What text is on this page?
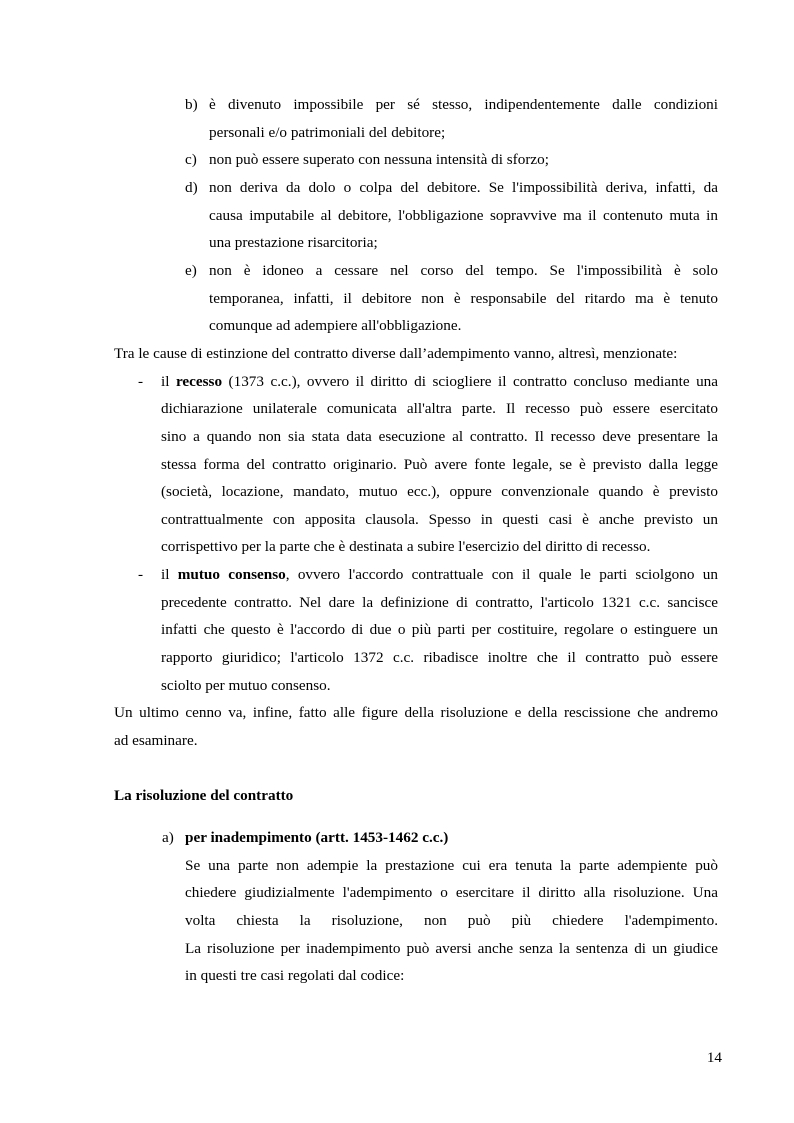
b) è divenuto impossibile per sé stesso, indipendentemente dalle condizioni
personali e/o patrimoniali del debitore;
c) non può essere superato con nessuna intensità di sforzo;
d) non deriva da dolo o colpa del debitore. Se l'impossibilità deriva, infatti, da
causa imputabile al debitore, l'obbligazione sopravvive ma il contenuto muta in
una prestazione risarcitoria;
e) non è idoneo a cessare nel corso del tempo. Se l'impossibilità è solo
temporanea, infatti, il debitore non è responsabile del ritardo ma è tenuto
comunque ad adempiere all'obbligazione.
Tra le cause di estinzione del contratto diverse dall’adempimento vanno, altresì, menzionate:
- il recesso (1373 c.c.), ovvero il diritto di sciogliere il contratto concluso mediante una
dichiarazione unilaterale comunicata all'altra parte. Il recesso può essere esercitato
sino a quando non sia stata data esecuzione al contratto. Il recesso deve presentare la
stessa forma del contratto originario. Può avere fonte legale, se è previsto dalla legge
(società, locazione, mandato, mutuo ecc.), oppure convenzionale quando è previsto
contrattualmente con apposita clausola. Spesso in questi casi è anche previsto un
corrispettivo per la parte che è destinata a subire l'esercizio del diritto di recesso.
- il mutuo consenso, ovvero l'accordo contrattuale con il quale le parti sciolgono un
precedente contratto. Nel dare la definizione di contratto, l'articolo 1321 c.c. sancisce
infatti che questo è l'accordo di due o più parti per costituire, regolare o estinguere un
rapporto giuridico; l'articolo 1372 c.c. ribadisce inoltre che il contratto può essere
sciolto per mutuo consenso.
Un ultimo cenno va, infine, fatto alle figure della risoluzione e della rescissione che andremo
ad esaminare.
La risoluzione del contratto
a) per inadempimento (artt. 1453-1462 c.c.)
Se una parte non adempie la prestazione cui era tenuta la parte adempiente può
chiedere giudizialmente l'adempimento o esercitare il diritto alla risoluzione. Una
volta chiesta la risoluzione, non può più chiedere l'adempimento.
La risoluzione per inadempimento può aversi anche senza la sentenza di un giudice
in questi tre casi regolati dal codice:
14
